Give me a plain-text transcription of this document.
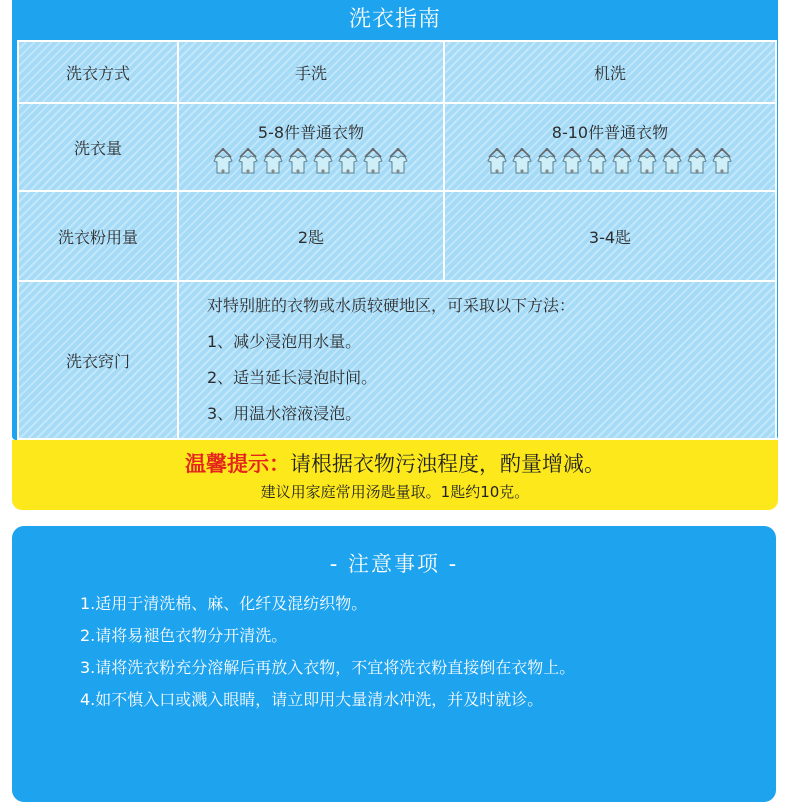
洗衣指南
洗衣方式	手洗	机洗
洗衣量	5-8件普通衣物	8-10件普通衣物

洗衣粉用量	2匙	3-4匙
洗衣窍门	对特别脏的衣物或水质较硬地区，可采取以下方法：

1、减少浸泡用水量。

2、适当延长浸泡时间。

3、用温水溶液浸泡。	

温馨提示：请根据衣物污浊程度，酌量增减。
建议用家庭常用汤匙量取。1匙约10克。
- 注意事项 -
1.适用于清洗棉、麻、化纤及混纺织物。
2.请将易褪色衣物分开清洗。
3.请将洗衣粉充分溶解后再放入衣物，不宜将洗衣粉直接倒在衣物上。
4.如不慎入口或溅入眼睛，请立即用大量清水冲洗，并及时就诊。
